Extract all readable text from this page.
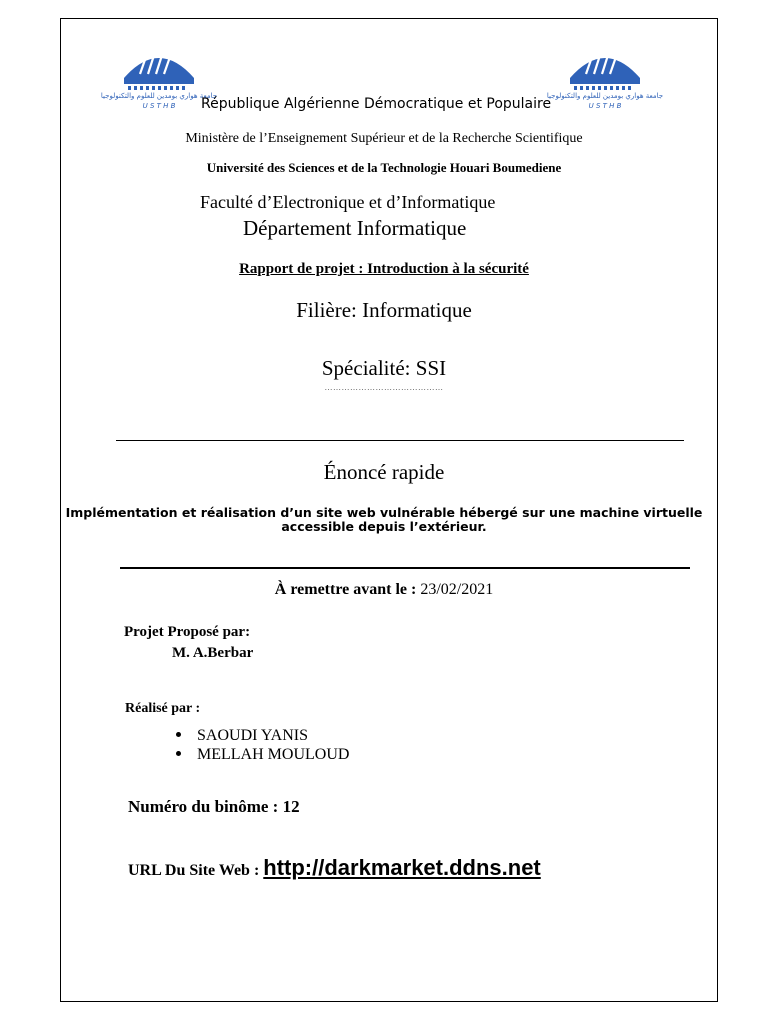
جامعة هواري بومدين للعلوم والتكنولوجيا
U S T H B
جامعة هواري بومدين للعلوم والتكنولوجيا
U S T H B
République Algérienne Démocratique et Populaire
Ministère de l’Enseignement Supérieur et de la Recherche Scientifique
Université des Sciences et de la Technologie Houari Boumediene
Faculté d’Electronique et d’Informatique
Département Informatique
Rapport de projet : Introduction à la sécurité
Filière: Informatique
Spécialité: SSI
……………………………………
Énoncé rapide
Implémentation et réalisation d’un site web vulnérable hébergé sur une machine virtuelle
accessible depuis l’extérieur.
À remettre avant le : 23/02/2021
Projet Proposé par:
M. A.Berbar
Réalisé par :
SAOUDI YANIS
MELLAH MOULOUD
Numéro du binôme : 12
URL Du Site Web : http://darkmarket.ddns.net
